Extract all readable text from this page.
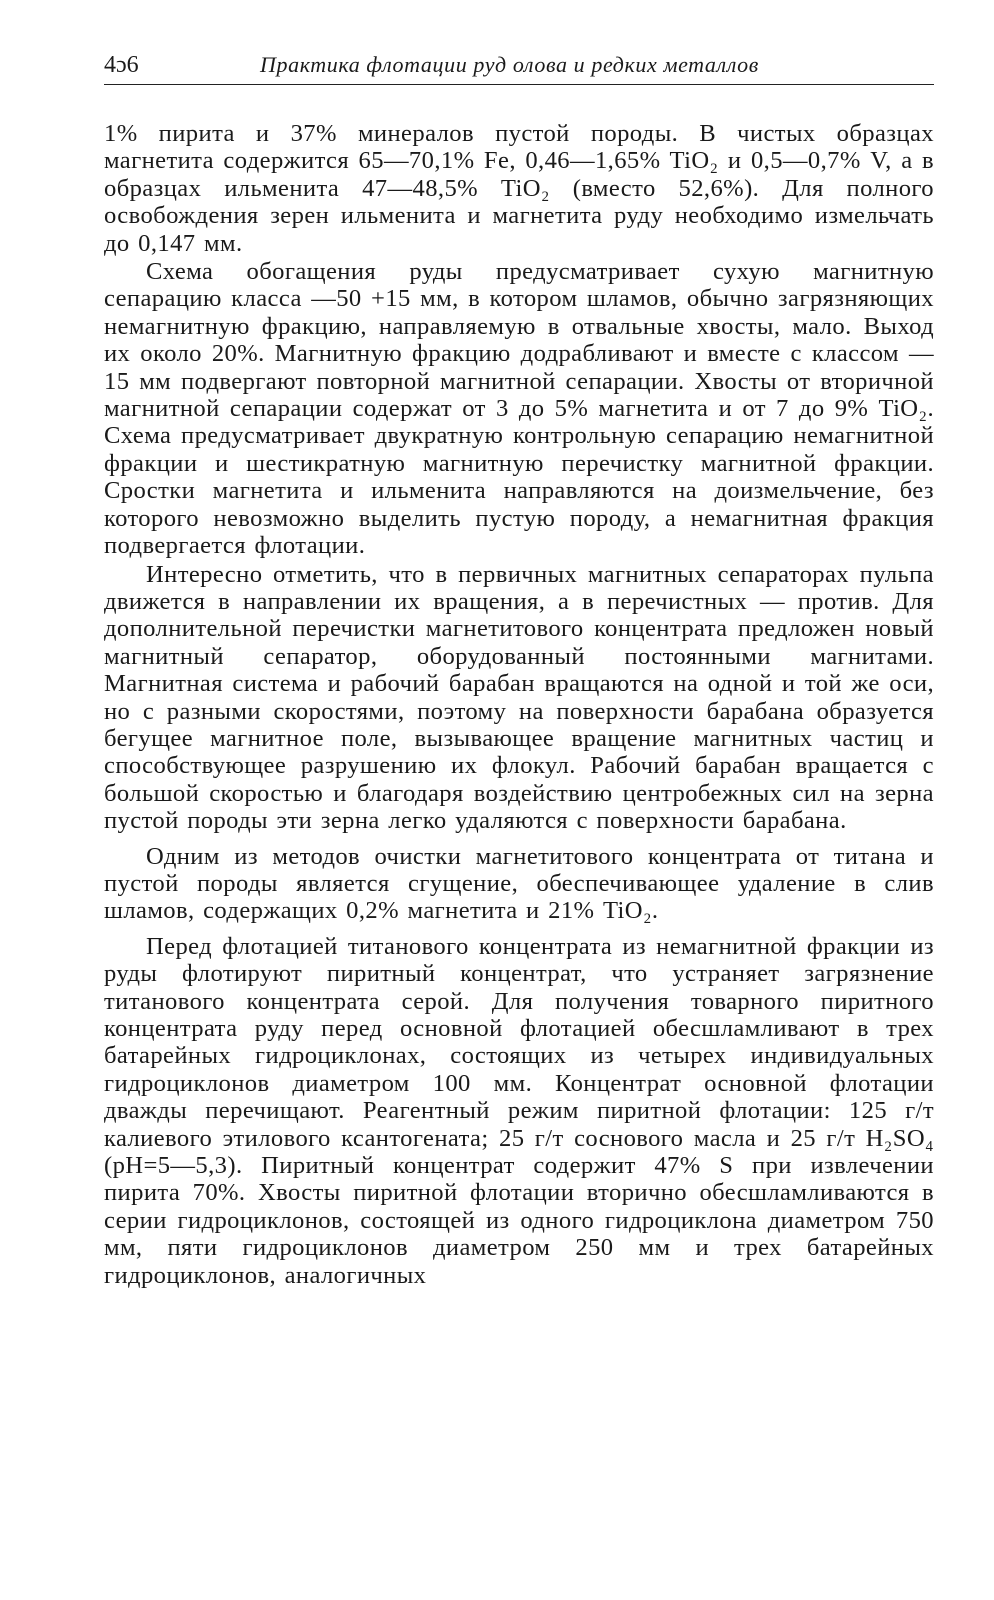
4ɔ6	Практика флотации руд олова и редких металлов

1% пирита и 37% минералов пустой породы. В чистых образцах магнетита содержится 65—70,1% Fe, 0,46—1,65% TiO₂ и 0,5—0,7% V, а в образцах ильменита 47—48,5% TiO₂ (вместо 52,6%). Для полного освобождения зерен ильменита и магнетита руду необходимо измельчать до 0,147 мм.

Схема обогащения руды предусматривает сухую магнитную сепарацию класса —50 +15 мм, в котором шламов, обычно загрязняющих немагнитную фракцию, направляемую в отвальные хвосты, мало. Выход их около 20%. Магнитную фракцию додрабливают и вместе с классом —15 мм подвергают повторной магнитной сепарации. Хвосты от вторичной магнитной сепарации содержат от 3 до 5% магнетита и от 7 до 9% TiO₂. Схема предусматривает двукратную контрольную сепарацию немагнитной фракции и шестикратную магнитную перечистку магнитной фракции. Сростки магнетита и ильменита направляются на доизмельчение, без которого невозможно выделить пустую породу, а немагнитная фракция подвергается флотации.

Интересно отметить, что в первичных магнитных сепараторах пульпа движется в направлении их вращения, а в перечистных — против. Для дополнительной перечистки магнетитового концентрата предложен новый магнитный сепаратор, оборудованный постоянными магнитами. Магнитная система и рабочий барабан вращаются на одной и той же оси, но с разными скоростями, поэтому на поверхности барабана образуется бегущее магнитное поле, вызывающее вращение магнитных частиц и способствующее разрушению их флокул. Рабочий барабан вращается с большой скоростью и благодаря воздействию центробежных сил на зерна пустой породы эти зерна легко удаляются с поверхности барабана.

Одним из методов очистки магнетитового концентрата от титана и пустой породы является сгущение, обеспечивающее удаление в слив шламов, содержащих 0,2% магнетита и 21% TiO₂.

Перед флотацией титанового концентрата из немагнитной фракции из руды флотируют пиритный концентрат, что устраняет загрязнение титанового концентрата серой. Для получения товарного пиритного концентрата руду перед основной флотацией обесшламливают в трех батарейных гидроциклонах, состоящих из четырех индивидуальных гидроциклонов диаметром 100 мм. Концентрат основной флотации дважды перечищают. Реагентный режим пиритной флотации: 125 г/т калиевого этилового ксантогената; 25 г/т соснового масла и 25 г/т H₂SO₄ (pH=5—5,3). Пиритный концентрат содержит 47% S при извлечении пирита 70%. Хвосты пиритной флотации вторично обесшламливаются в серии гидроциклонов, состоящей из одного гидроциклона диаметром 750 мм, пяти гидроциклонов диаметром 250 мм и трех батарейных гидроциклонов, аналогичных
